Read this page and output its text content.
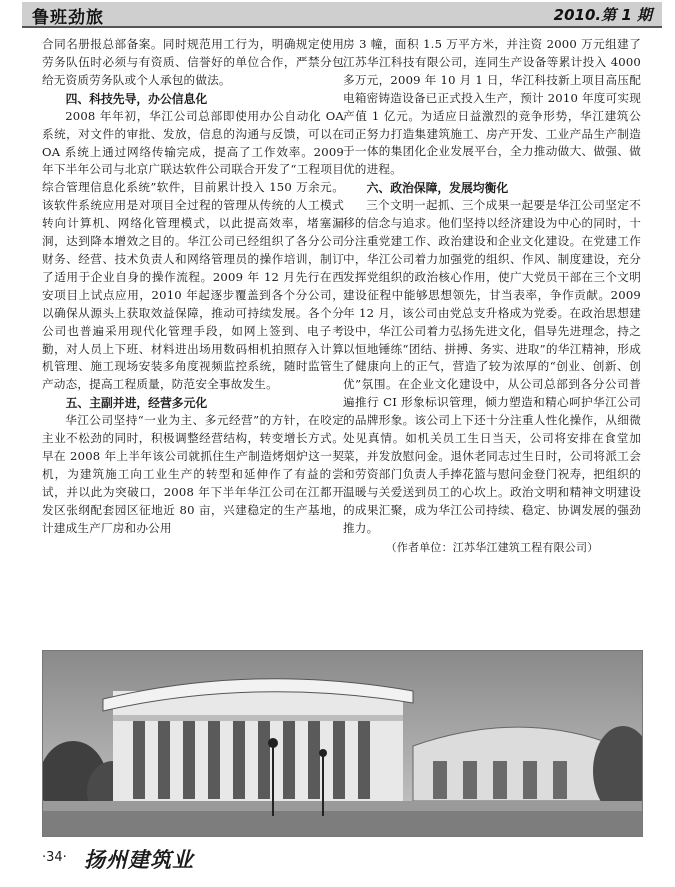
鲁班劲旅	2010.第 1 期

合同名册报总部备案。同时规范用工行为，明确规定使用劳务队伍时必须与有资质、信誉好的单位合作，严禁分包给无资质劳务队或个人承包的做法。

四、科技先导，办公信息化

2008 年年初，华江公司总部即使用办公自动化 OA 系统，对文件的审批、发放，信息的沟通与反馈，可以在 OA 系统上通过网络传输完成，提高了工作效率。2009 年下半年公司与北京广联达软件公司联合开发了“工程项目综合管理信息化系统”软件，目前累计投入 150 万余元。该软件系统应用是对项目全过程的管理从传统的人工模式转向计算机、网络化管理模式，以此提高效率，堵塞漏洞，达到降本增效之目的。华江公司已经组织了各分公司财务、经营、技术负责人和网络管理员的操作培训，制订了适用于企业自身的操作流程。2009 年 12 月先行在西安项目上试点应用，2010 年起逐步覆盖到各个分公司，以确保从源头上获取效益保障，推动可持续发展。各个分公司也普遍采用现代化管理手段，如网上签到、电子考勤，对人员上下班、材料进出场用数码相机拍照存入计算机管理、施工现场安装多角度视频监控系统，随时监管生产动态，提高工程质量，防范安全事故发生。

五、主副并进，经营多元化

华江公司坚持“一业为主、多元经营”的方针，在咬定主业不松劲的同时，积极调整经营结构，转变增长方式。早在 2008 年上半年该公司就抓住生产制造烤烟炉这一契机，为建筑施工向工业生产的转型和延伸作了有益的尝试，并以此为突破口，2008 年下半年华江公司在江都开发区张纲配套园区征地近 80 亩，兴建稳定的生产基地，计建成生产厂房和办公用

房 3 幢，面积 1.5 万平方米，并注资 2000 万元组建了江苏华江科技有限公司，连同生产设备等累计投入 4000 多万元，2009 年 10 月 1 日，华江科技新上项目高压配电箱密铸造设备已正式投入生产，预计 2010 年度可实现产值 1 亿元。为适应日益激烈的竞争形势，华江建筑公司正努力打造集建筑施工、房产开发、工业产品生产制造于一体的集团化企业发展平台，全力推动做大、做强、做优的进程。

六、政治保障，发展均衡化

三个文明一起抓、三个成果一起要是华江公司坚定不移的信念与追求。他们坚持以经济建设为中心的同时，十分注重党建工作、政治建设和企业文化建设。在党建工作中，华江公司着力加强党的组织、作风、制度建设，充分发挥党组织的政治核心作用，使广大党员干部在三个文明建设征程中能够思想领先，甘当表率，争作贡献。2009 年 12 月，该公司由党总支升格成为党委。在政治思想建设中，华江公司着力弘扬先进文化，倡导先进理念，持之以恒地锤练“团结、拼搏、务实、进取”的华江精神，形成了健康向上的正气，营造了较为浓厚的“创业、创新、创优”氛围。在企业文化建设中，从公司总部到各分公司普遍推行 CI 形象标识管理，倾力塑造和精心呵护华江公司的品牌形象。该公司上下还十分注重人性化操作，从细微处见真情。如机关员工生日当天，公司将安排在食堂加菜，并发放慰问金。退休老同志过生日时，公司将派工会和劳资部门负责人手捧花篮与慰问金登门祝寿，把组织的温暖与关爱送到员工的心坎上。政治文明和精神文明建设的成果汇聚，成为华江公司持续、稳定、协调发展的强劲推力。

（作者单位：江苏华江建筑工程有限公司）

·34· 扬州建筑业
